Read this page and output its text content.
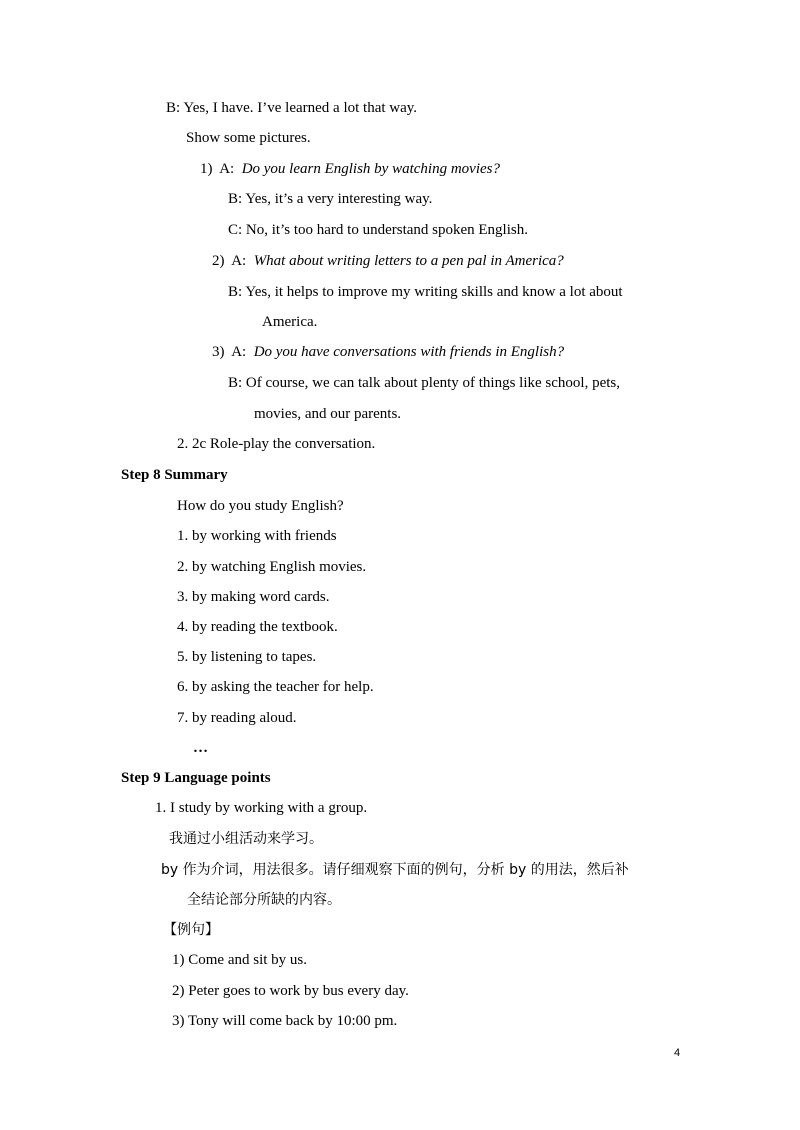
B: Yes, I have. I’ve learned a lot that way.
Show some pictures.
1) A: Do you learn English by watching movies?
B: Yes, it’s a very interesting way.
C: No, it’s too hard to understand spoken English.
2) A: What about writing letters to a pen pal in America?
B: Yes, it helps to improve my writing skills and know a lot about
America.
3) A: Do you have conversations with friends in English?
B: Of course, we can talk about plenty of things like school, pets,
movies, and our parents.
2. 2c Role-play the conversation.
Step 8 Summary
How do you study English?
1. by working with friends
2. by watching English movies.
3. by making word cards.
4. by reading the textbook.
5. by listening to tapes.
6. by asking the teacher for help.
7. by reading aloud.
…
Step 9 Language points
1. I study by working with a group.
我通过小组活动来学习。
by 作为介词，用法很多。请仔细观察下面的例句，分析 by 的用法，然后补
全结论部分所缺的内容。
【例句】
1) Come and sit by us.
2) Peter goes to work by bus every day.
3) Tony will come back by 10:00 pm.
4
